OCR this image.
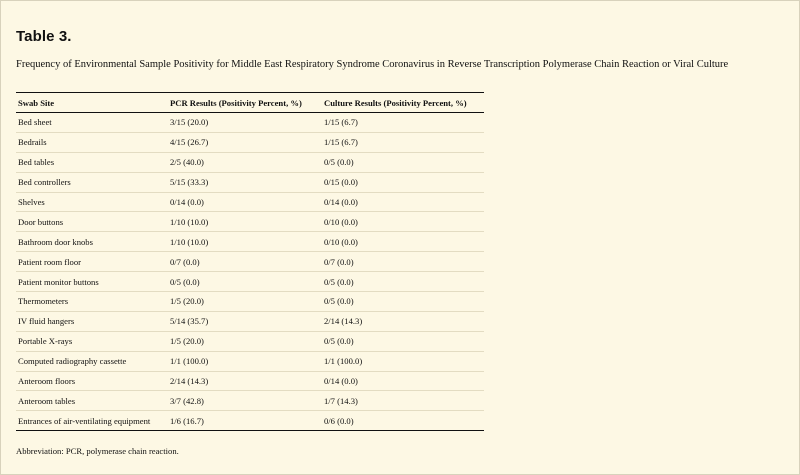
Table 3.
Frequency of Environmental Sample Positivity for Middle East Respiratory Syndrome Coronavirus in Reverse Transcription Polymerase Chain Reaction or Viral Culture
Swab Site	PCR Results (Positivity Percent, %)	Culture Results (Positivity Percent, %)
Bed sheet	3/15 (20.0)	1/15 (6.7)
Bedrails	4/15 (26.7)	1/15 (6.7)
Bed tables	2/5 (40.0)	0/5 (0.0)
Bed controllers	5/15 (33.3)	0/15 (0.0)
Shelves	0/14 (0.0)	0/14 (0.0)
Door buttons	1/10 (10.0)	0/10 (0.0)
Bathroom door knobs	1/10 (10.0)	0/10 (0.0)
Patient room floor	0/7 (0.0)	0/7 (0.0)
Patient monitor buttons	0/5 (0.0)	0/5 (0.0)
Thermometers	1/5 (20.0)	0/5 (0.0)
IV fluid hangers	5/14 (35.7)	2/14 (14.3)
Portable X-rays	1/5 (20.0)	0/5 (0.0)
Computed radiography cassette	1/1 (100.0)	1/1 (100.0)
Anteroom floors	2/14 (14.3)	0/14 (0.0)
Anteroom tables	3/7 (42.8)	1/7 (14.3)
Entrances of air-ventilating equipment	1/6 (16.7)	0/6 (0.0)
Abbreviation: PCR, polymerase chain reaction.
